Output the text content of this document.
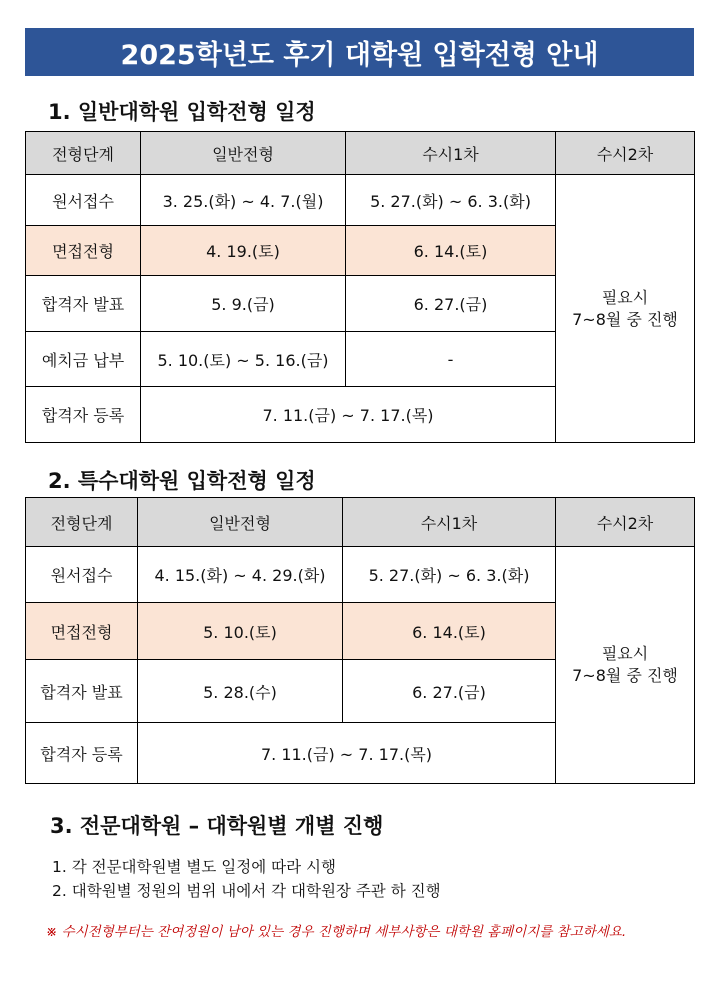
2025학년도 후기 대학원 입학전형 안내
1. 일반대학원 입학전형 일정
전형단계	일반전형	수시1차	수시2차
원서접수	3. 25.(화) ~ 4. 7.(월)	5. 27.(화) ~ 6. 3.(화)	필요시
7~8월 중 진행

면접전형	4. 19.(토)	6. 14.(토)	
합격자 발표	5. 9.(금)	6. 27.(금)	
예치금 납부	5. 10.(토) ~ 5. 16.(금)	-	
합격자 등록	7. 11.(금) ~ 7. 17.(목)		
2. 특수대학원 입학전형 일정
전형단계	일반전형	수시1차	수시2차
원서접수	4. 15.(화) ~ 4. 29.(화)	5. 27.(화) ~ 6. 3.(화)	필요시
7~8월 중 진행

면접전형	5. 10.(토)	6. 14.(토)	
합격자 발표	5. 28.(수)	6. 27.(금)	
합격자 등록	7. 11.(금) ~ 7. 17.(목)		
3. 전문대학원 – 대학원별 개별 진행
1. 각 전문대학원별 별도 일정에 따라 시행
2. 대학원별 정원의 범위 내에서 각 대학원장 주관 하 진행
※ 수시전형부터는 잔여정원이 남아 있는 경우 진행하며 세부사항은 대학원 홈페이지를 참고하세요.
